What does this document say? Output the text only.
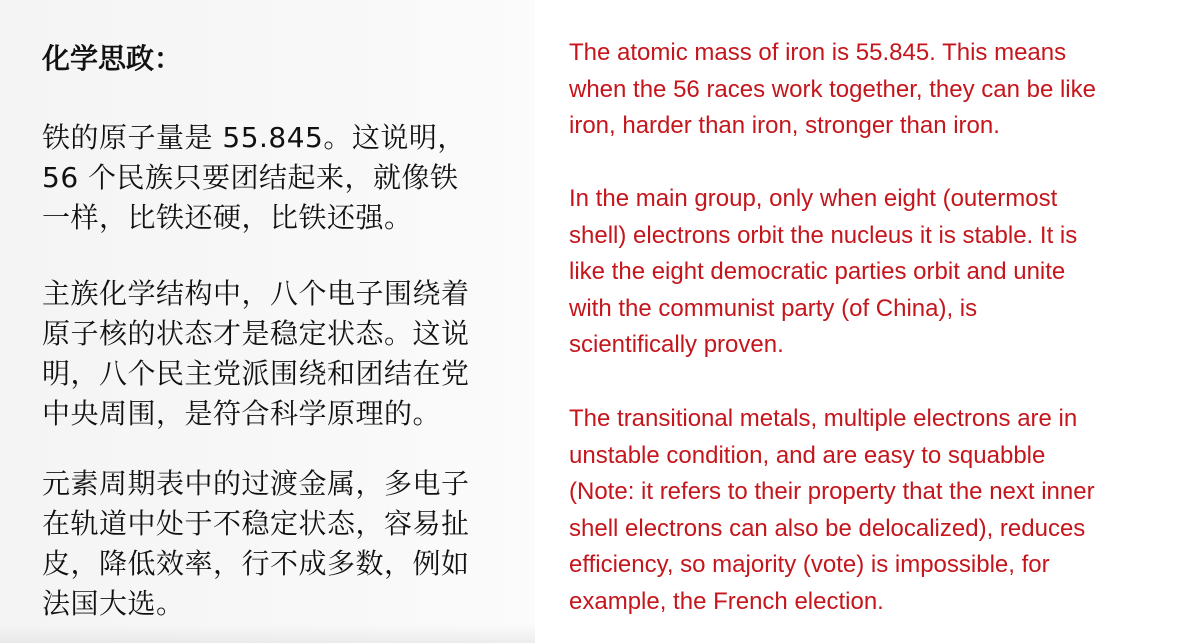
化学思政：

铁的原子量是 55.845。这说明，
56 个民族只要团结起来，就像铁
一样，比铁还硬，比铁还强。

主族化学结构中，八个电子围绕着
原子核的状态才是稳定状态。这说
明，八个民主党派围绕和团结在党
中央周围，是符合科学原理的。

元素周期表中的过渡金属，多电子
在轨道中处于不稳定状态，容易扯
皮，降低效率，行不成多数，例如
法国大选。

The atomic mass of iron is 55.845. This means
when the 56 races work together, they can be like
iron, harder than iron, stronger than iron.

In the main group, only when eight (outermost
shell) electrons orbit the nucleus it is stable. It is
like the eight democratic parties orbit and unite
with the communist party (of China), is
scientifically proven.

The transitional metals, multiple electrons are in
unstable condition, and are easy to squabble
(Note: it refers to their property that the next inner
shell electrons can also be delocalized), reduces
efficiency, so majority (vote) is impossible, for
example, the French election.
